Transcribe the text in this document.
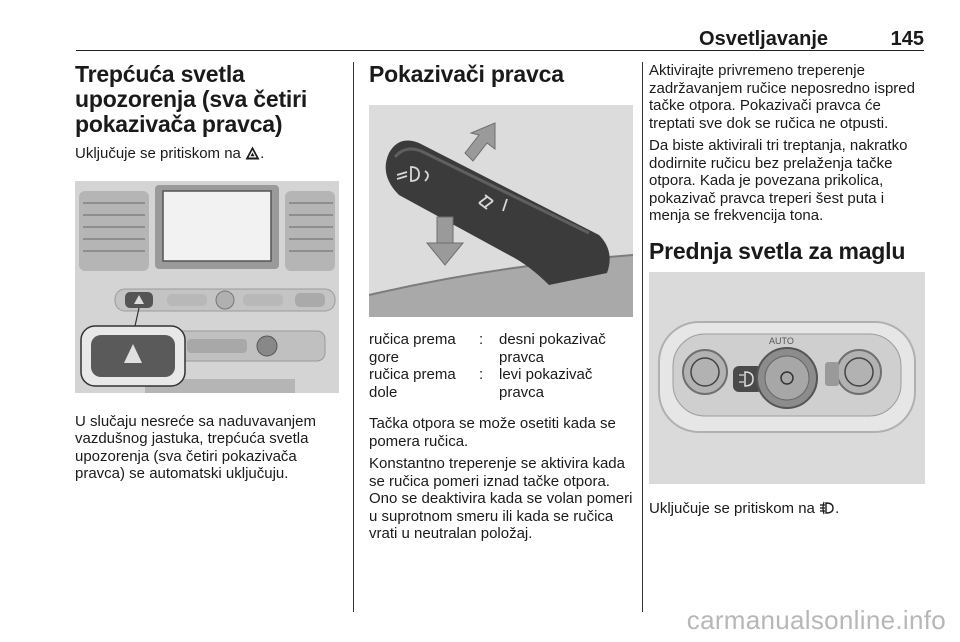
Osvetljavanje	145
Trepćuća svetla upozorenja (sva četiri pokazivača pravca)

Uključuje se pritiskom na .

U slučaju nesreće sa naduvavanjem vazdušnog jastuka, trepćuća svetla upozorenja (sva četiri pokazivača pravca) se automatski uključuju.

Pokazivači pravca
ručica prema gore
:	desni pokazivač pravca
ručica prema dole
:	levi pokazivač pravca

Tačka otpora se može osetiti kada se pomera ručica.

Konstantno treperenje se aktivira kada se ručica pomeri iznad tačke otpora. Ono se deaktivira kada se volan pomeri u suprotnom smeru ili kada se ručica vrati u neutralan položaj.

Aktivirajte privremeno treperenje zadržavanjem ručice neposredno ispred tačke otpora. Pokazivači pravca će treptati sve dok se ručica ne otpusti.

Da biste aktivirali tri treptanja, nakratko dodirnite ručicu bez prelaženja tačke otpora. Kada je povezana prikolica, pokazivač pravca treperi šest puta i menja se frekvencija tona.

Prednja svetla za maglu
AUTO

Uključuje se pritiskom na .

carmanualsonline.info
